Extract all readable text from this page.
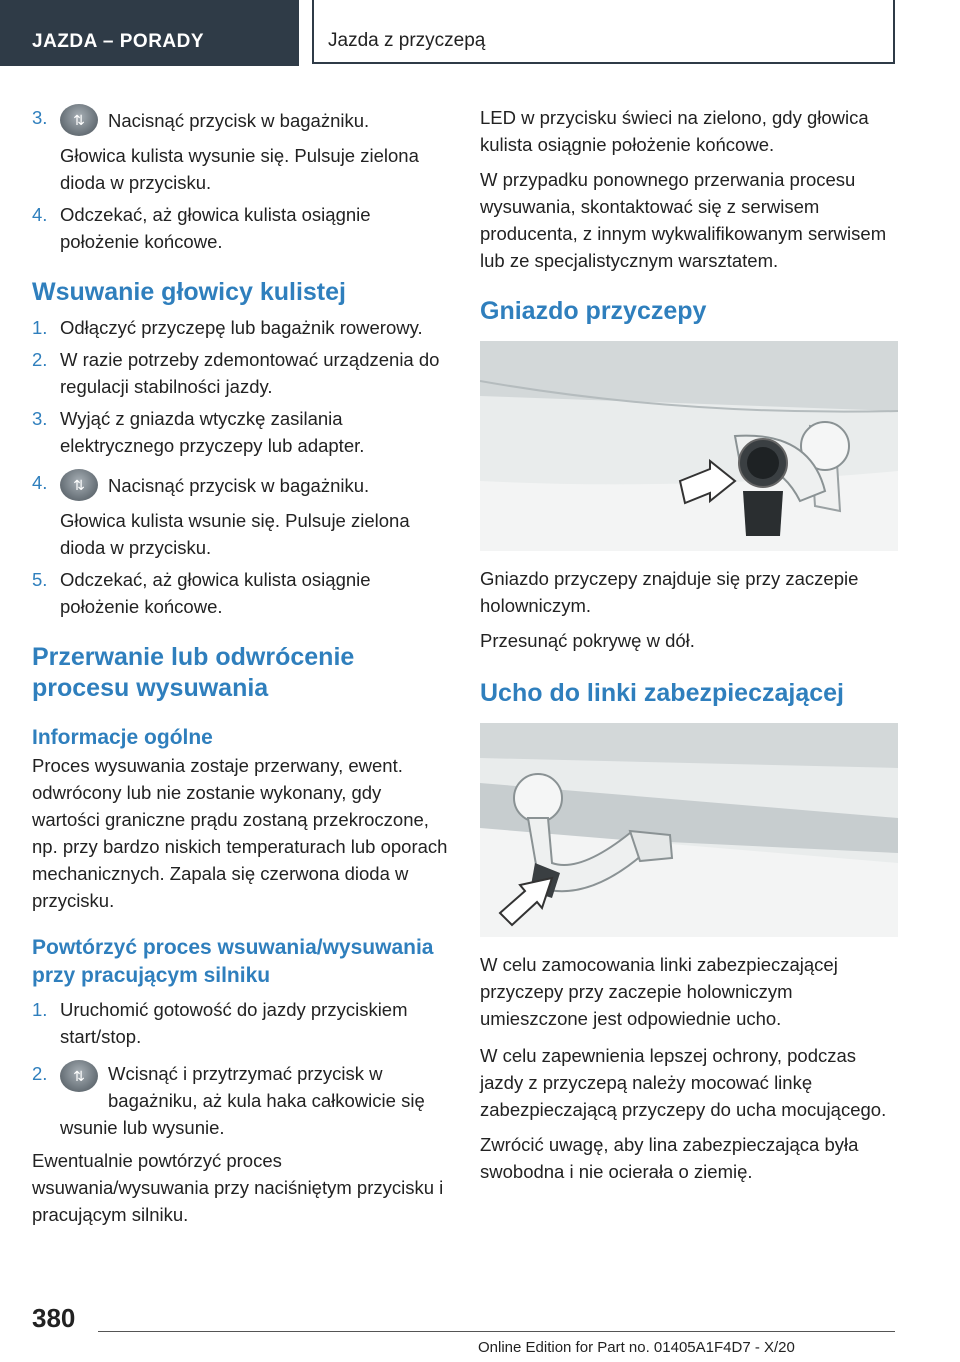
JAZDA – PORADY	Jazda z przyczepą
3.	⇅	Nacisnąć przycisk w bagażniku.

Głowica kulista wysunie się. Pulsuje zielona dioda w przycisku.

4. Odczekać, aż głowica kulista osiągnie położenie końcowe.
Wsuwanie głowicy kulistej
1. Odłączyć przyczepę lub bagażnik rowerowy.
2. W razie potrzeby zdemontować urządzenia do regulacji stabilności jazdy.
3. Wyjąć z gniazda wtyczkę zasilania elektrycznego przyczepy lub adapter.
4.	⇅	Nacisnąć przycisk w bagażniku.

Głowica kulista wsunie się. Pulsuje zielona dioda w przycisku.

5. Odczekać, aż głowica kulista osiągnie położenie końcowe.
Przerwanie lub odwrócenie procesu wysuwania
Informacje ogólne

Proces wysuwania zostaje przerwany, ewent. odwrócony lub nie zostanie wykonany, gdy wartości graniczne prądu zostaną przekroczone, np. przy bardzo niskich temperaturach lub oporach mechanicznych. Zapala się czerwona dioda w przycisku.

Powtórzyć proces wsuwania/wysuwania przy pracującym silniku
1. Uruchomić gotowość do jazdy przyciskiem start/stop.
2.	⇅	Wcisnąć i przytrzymać przycisk w bagażniku, aż kula haka całkowicie się wsunie lub wysunie.

Ewentualnie powtórzyć proces wsuwania/wysuwania przy naciśniętym przycisku i pracującym silniku.

LED w przycisku świeci na zielono, gdy głowica kulista osiągnie położenie końcowe.

W przypadku ponownego przerwania procesu wysuwania, skontaktować się z serwisem producenta, z innym wykwalifikowanym serwisem lub ze specjalistycznym warsztatem.

Gniazdo przyczepy

Gniazdo przyczepy znajduje się przy zaczepie holowniczym.

Przesunąć pokrywę w dół.

Ucho do linki zabezpieczającej

W celu zamocowania linki zabezpieczającej przyczepy przy zaczepie holowniczym umieszczone jest odpowiednie ucho.

W celu zapewnienia lepszej ochrony, podczas jazdy z przyczepą należy mocować linkę zabezpieczającą przyczepy do ucha mocującego.

Zwrócić uwagę, aby lina zabezpieczająca była swobodna i nie ocierała o ziemię.

380
Online Edition for Part no. 01405A1F4D7 - X/20
